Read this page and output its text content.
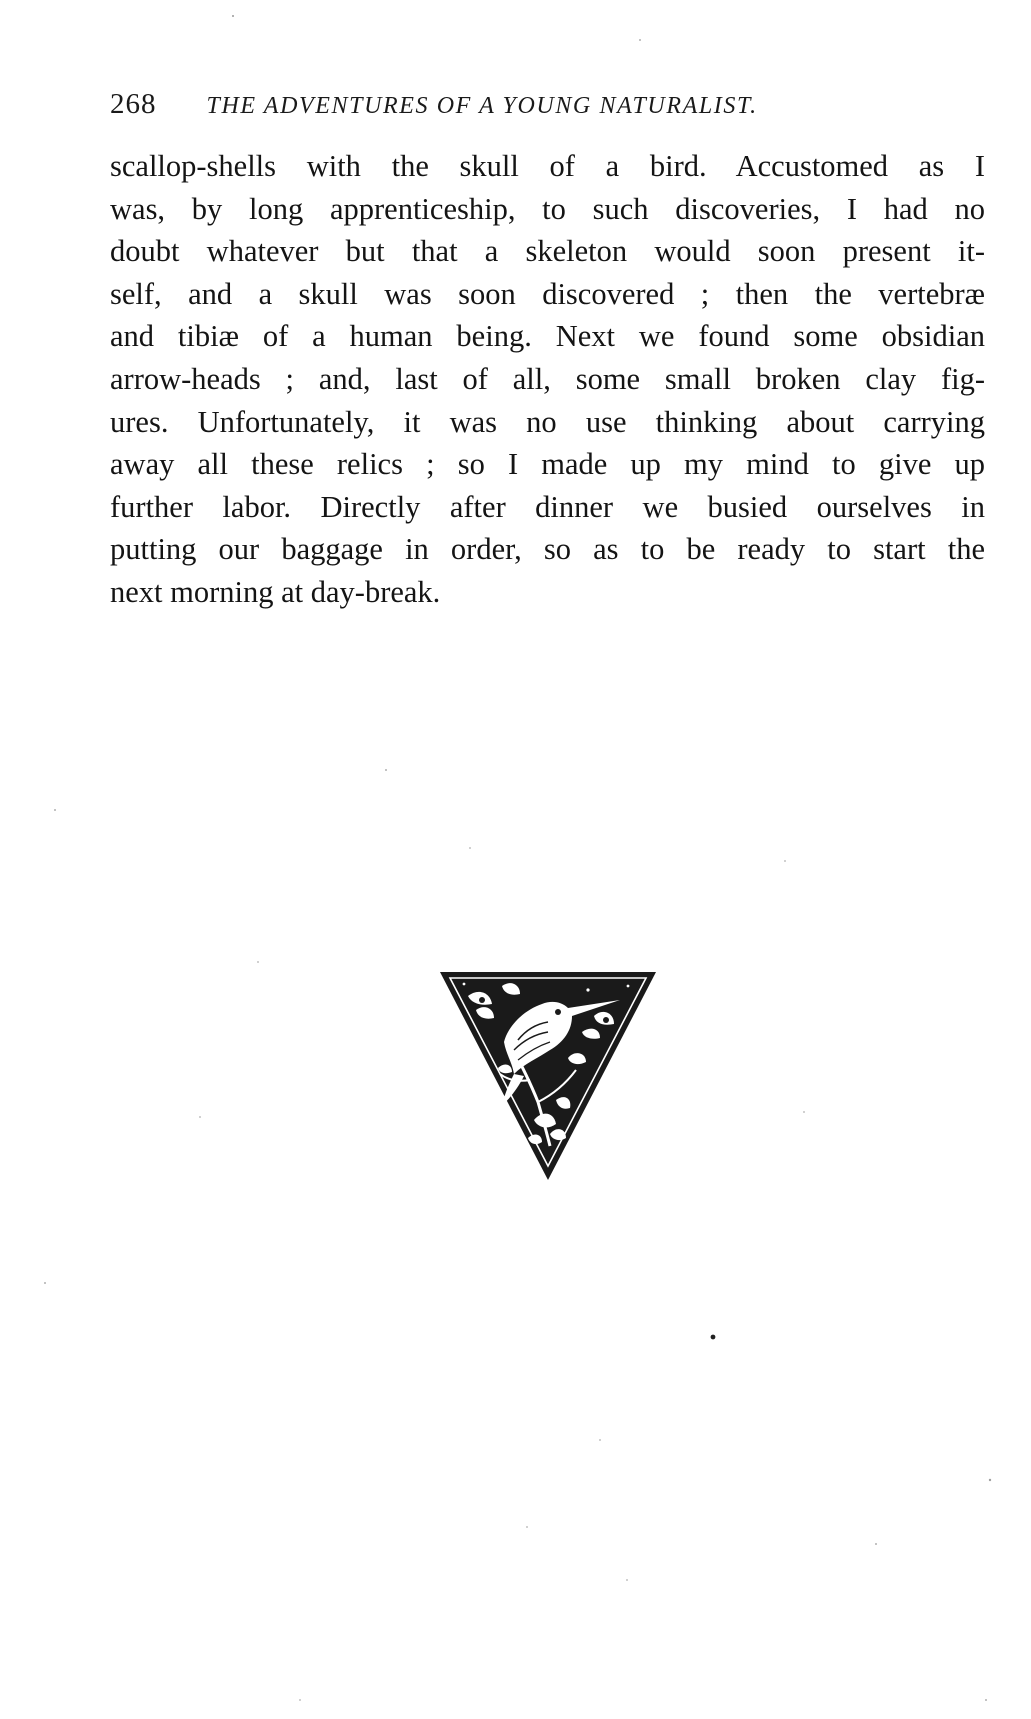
268 THE ADVENTURES OF A YOUNG NATURALIST.
scallop-shells with the skull of a bird. Accustomed as I
was, by long apprenticeship, to such discoveries, I had no
doubt whatever but that a skeleton would soon present it-
self, and a skull was soon discovered ; then the vertebræ
and tibiæ of a human being. Next we found some obsidian
arrow-heads ; and, last of all, some small broken clay fig-
ures. Unfortunately, it was no use thinking about carrying
away all these relics ; so I made up my mind to give up
further labor. Directly after dinner we busied ourselves in
putting our baggage in order, so as to be ready to start the
next morning at day-break.
